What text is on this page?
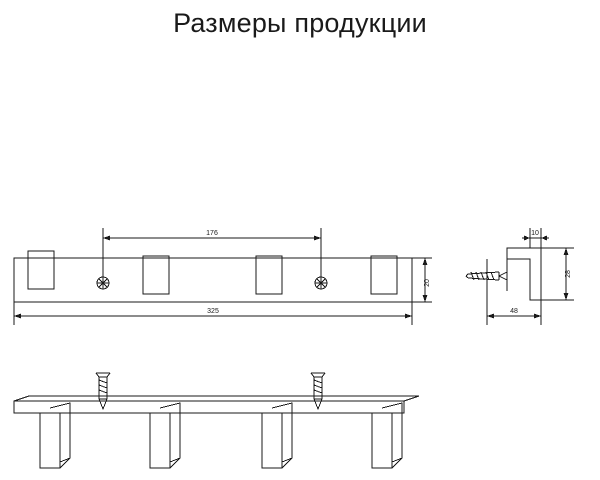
Размеры продукции
176
325
20
10
28
48
